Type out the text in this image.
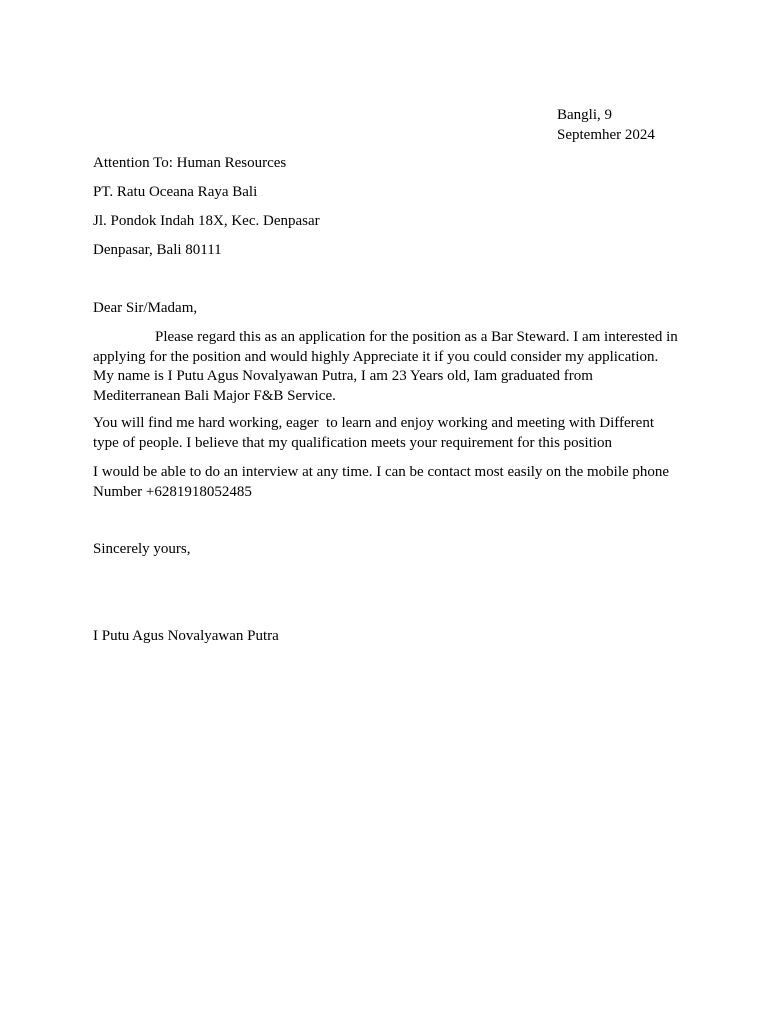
Bangli, 9
Septemher 2024
Attention To: Human Resources
PT. Ratu Oceana Raya Bali
Jl. Pondok Indah 18X, Kec. Denpasar
Denpasar, Bali 80111
Dear Sir/Madam,
Please regard this as an application for the position as a Bar Steward. I am interested in applying for the position and would highly Appreciate it if you could consider my application. My name is I Putu Agus Novalyawan Putra, I am 23 Years old, Iam graduated from Mediterranean Bali Major F&B Service.
You will find me hard working, eager  to learn and enjoy working and meeting with Different type of people. I believe that my qualification meets your requirement for this position
I would be able to do an interview at any time. I can be contact most easily on the mobile phone Number +6281918052485
Sincerely yours,
I Putu Agus Novalyawan Putra
